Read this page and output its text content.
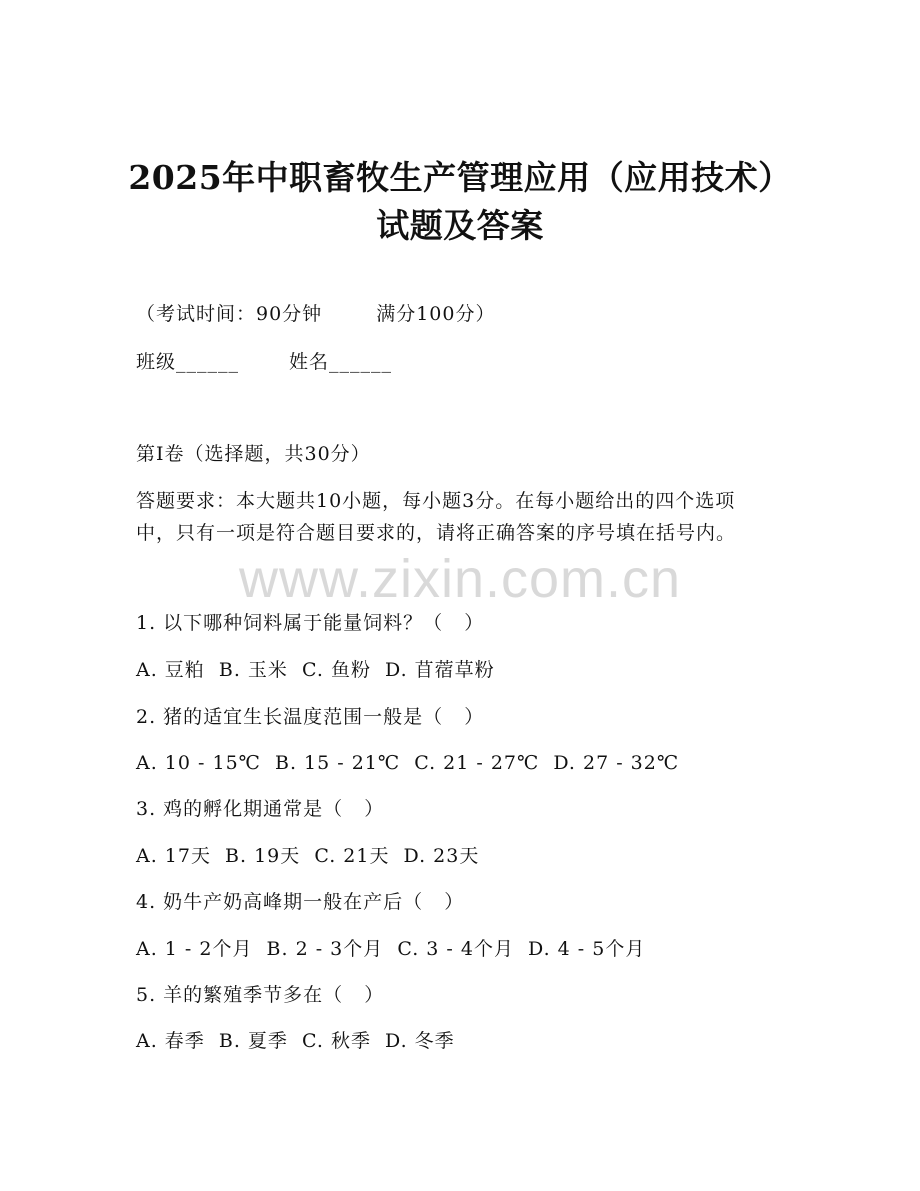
2025年中职畜牧生产管理应用（应用技术）
试题及答案
（考试时间：90分钟	满分100分）
班级______	姓名______
第I卷（选择题，共30分）
答题要求：本大题共10小题，每小题3分。在每小题给出的四个选项
中，只有一项是符合题目要求的，请将正确答案的序号填在括号内。
www.zixin.com.cn
1. 以下哪种饲料属于能量饲料？（   ）
A. 豆粕  B. 玉米  C. 鱼粉  D. 苜蓿草粉
2. 猪的适宜生长温度范围一般是（   ）
A. 10 - 15℃  B. 15 - 21℃  C. 21 - 27℃  D. 27 - 32℃
3. 鸡的孵化期通常是（   ）
A. 17天  B. 19天  C. 21天  D. 23天
4. 奶牛产奶高峰期一般在产后（   ）
A. 1 - 2个月  B. 2 - 3个月  C. 3 - 4个月  D. 4 - 5个月
5. 羊的繁殖季节多在（   ）
A. 春季  B. 夏季  C. 秋季  D. 冬季
